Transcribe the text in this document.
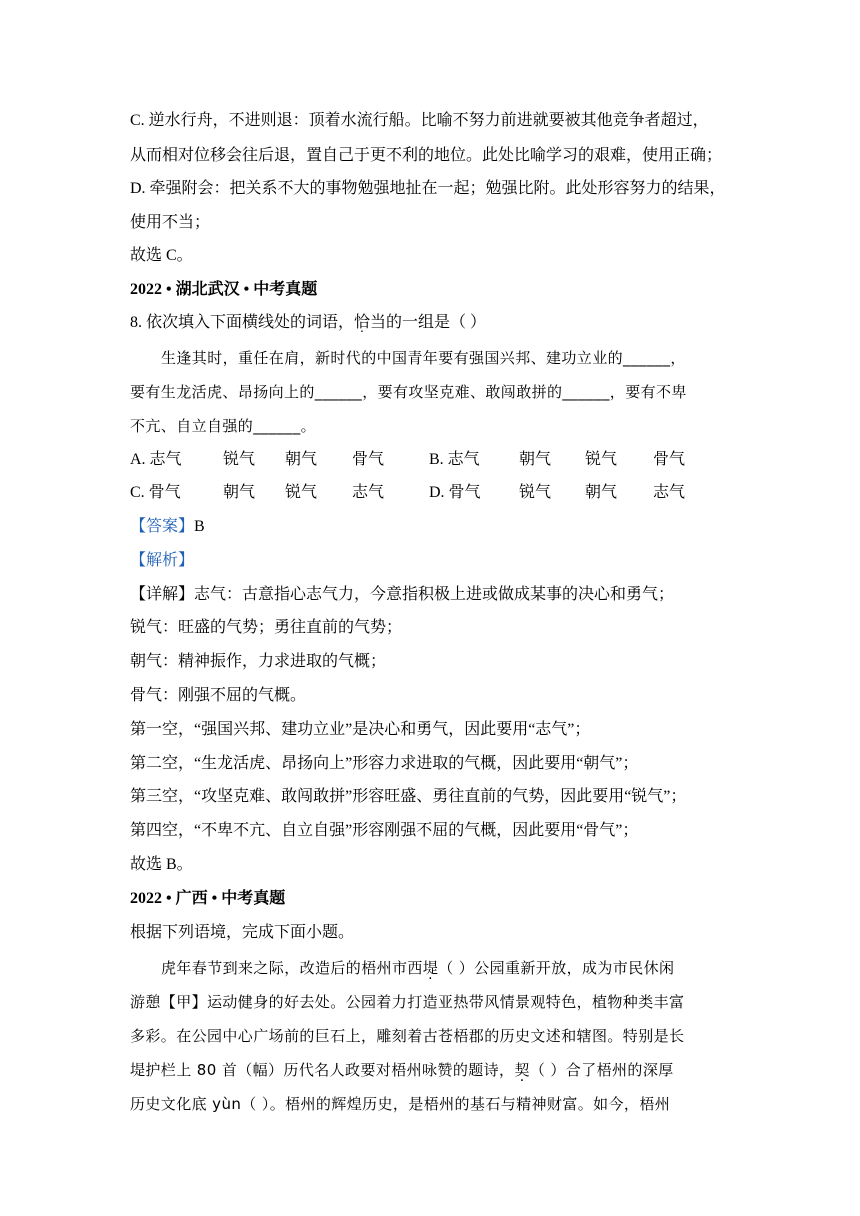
C. 逆水行舟，不进则退：顶着水流行船。比喻不努力前进就要被其他竞争者超过，
从而相对位移会往后退，置自己于更不利的地位。此处比喻学习的艰难，使用正确；
D. 牵强附会：把关系不大的事物勉强地扯在一起；勉强比附。此处形容努力的结果，
使用不当；
故选 C。
2022 • 湖北武汉 • 中考真题
8. 依次填入下面横线处的词语，恰当的一组是（ ）
生逢其时，重任在肩，新时代的中国青年要有强国兴邦、建功立业的______，
要有生龙活虎、昂扬向上的______，要有攻坚克难、敢闯敢拼的______，要有不卑
不亢、自立自强的______。
A. 志气	锐气	朝气	骨气	B. 志气	朝气	锐气	骨气
C. 骨气	朝气	锐气	志气	D. 骨气	锐气	朝气	志气
【答案】B
【解析】
【详解】志气：古意指心志气力，今意指积极上进或做成某事的决心和勇气；
锐气：旺盛的气势；勇往直前的气势；
朝气：精神振作，力求进取的气概；
骨气：刚强不屈的气概。
第一空，“强国兴邦、建功立业”是决心和勇气，因此要用“志气”；
第二空，“生龙活虎、昂扬向上”形容力求进取的气概，因此要用“朝气”；
第三空，“攻坚克难、敢闯敢拼”形容旺盛、勇往直前的气势，因此要用“锐气”；
第四空，“不卑不亢、自立自强”形容刚强不屈的气概，因此要用“骨气”；
故选 B。
2022 • 广西 • 中考真题
根据下列语境，完成下面小题。
虎年春节到来之际，改造后的梧州市西堤（ ）公园重新开放，成为市民休闲
游憩【甲】运动健身的好去处。公园着力打造亚热带风情景观特色，植物种类丰富
多彩。在公园中心广场前的巨石上，雕刻着古苍梧郡的历史文述和辖图。特别是长
堤护栏上 80 首（幅）历代名人政要对梧州咏赞的题诗，契（ ）合了梧州的深厚
历史文化底 yùn（ ）。梧州的辉煌历史，是梧州的基石与精神财富。如今，梧州
